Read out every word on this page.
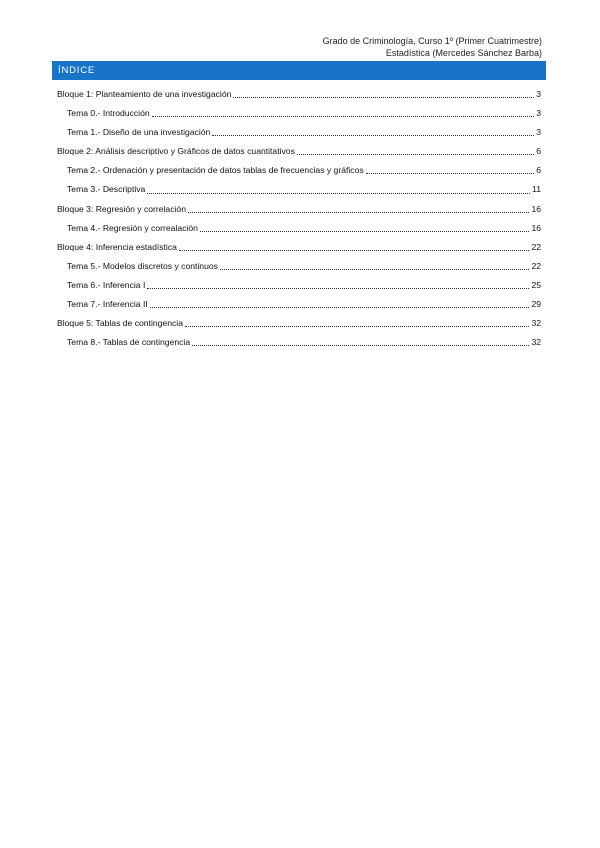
Grado de Criminología, Curso 1º (Primer Cuatrimestre)
Estadística (Mercedes Sánchez Barba)
ÍNDICE
Bloque 1: Planteamiento de una investigación	3
Tema 0.- Introducción	3
Tema 1.- Diseño de una investigación	3
Bloque 2: Análisis descriptivo y Gráficos de datos cuantitativos	6
Tema 2.- Ordenación y presentación de datos tablas de frecuencias y gráficos	6
Tema 3.- Descriptiva	11
Bloque 3: Regresión y correlación	16
Tema 4.- Regresión y correalación	16
Bloque 4: Inferencia estadística	22
Tema 5.- Modelos discretos y continuos	22
Tema 6.- Inferencia I	25
Tema 7.- Inferencia II	29
Bloque 5: Tablas de contingencia	32
Tema 8.- Tablas de contingencia	32
